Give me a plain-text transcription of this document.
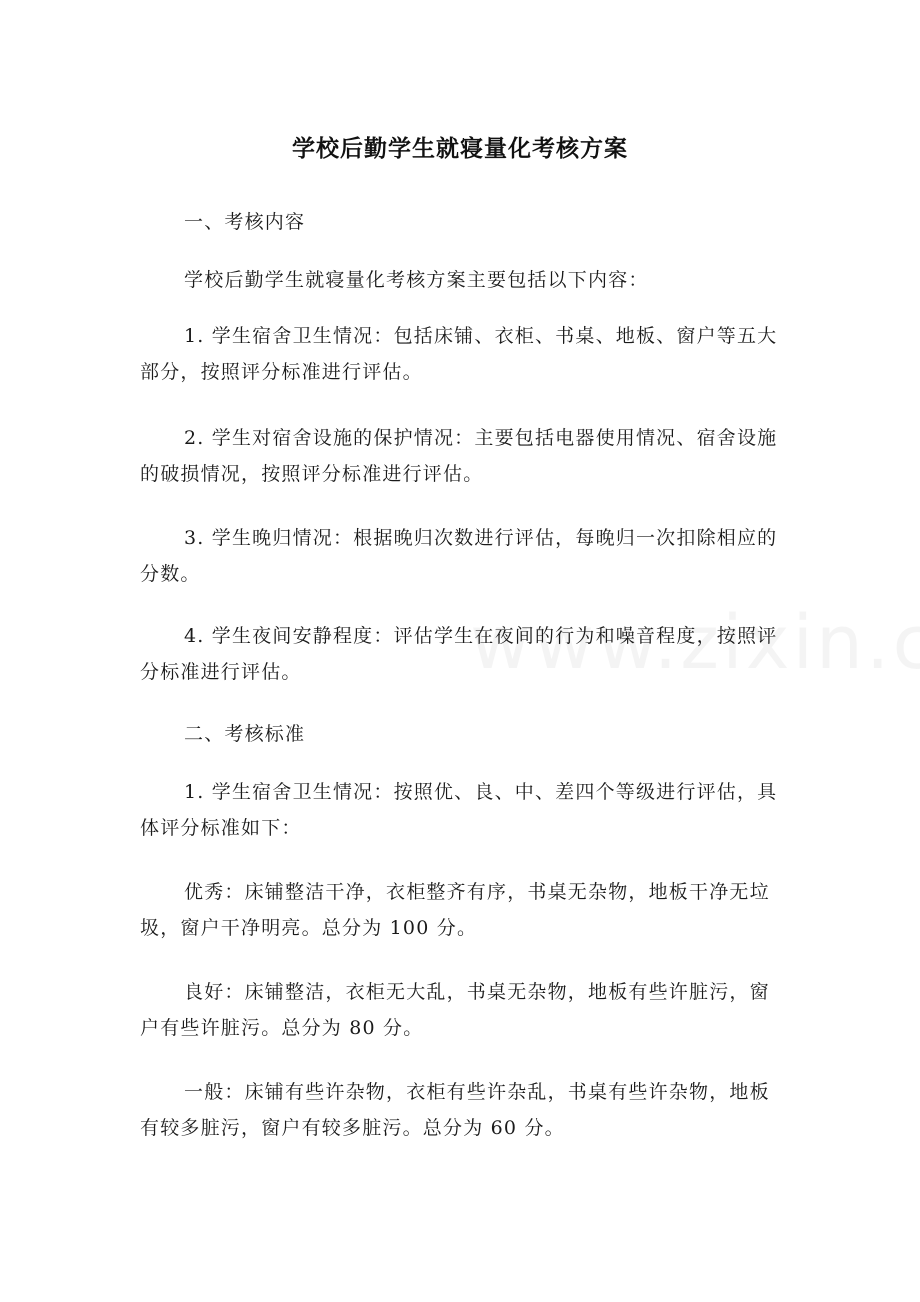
学校后勤学生就寝量化考核方案

一、考核内容

学校后勤学生就寝量化考核方案主要包括以下内容：

1. 学生宿舍卫生情况：包括床铺、衣柜、书桌、地板、窗户等五大部分，按照评分标准进行评估。

2. 学生对宿舍设施的保护情况：主要包括电器使用情况、宿舍设施的破损情况，按照评分标准进行评估。

3. 学生晚归情况：根据晚归次数进行评估，每晚归一次扣除相应的分数。

4. 学生夜间安静程度：评估学生在夜间的行为和噪音程度，按照评分标准进行评估。

二、考核标准

1. 学生宿舍卫生情况：按照优、良、中、差四个等级进行评估，具体评分标准如下：

优秀：床铺整洁干净，衣柜整齐有序，书桌无杂物，地板干净无垃圾，窗户干净明亮。总分为 100 分。

良好：床铺整洁，衣柜无大乱，书桌无杂物，地板有些许脏污，窗户有些许脏污。总分为 80 分。

一般：床铺有些许杂物，衣柜有些许杂乱，书桌有些许杂物，地板有较多脏污，窗户有较多脏污。总分为 60 分。
